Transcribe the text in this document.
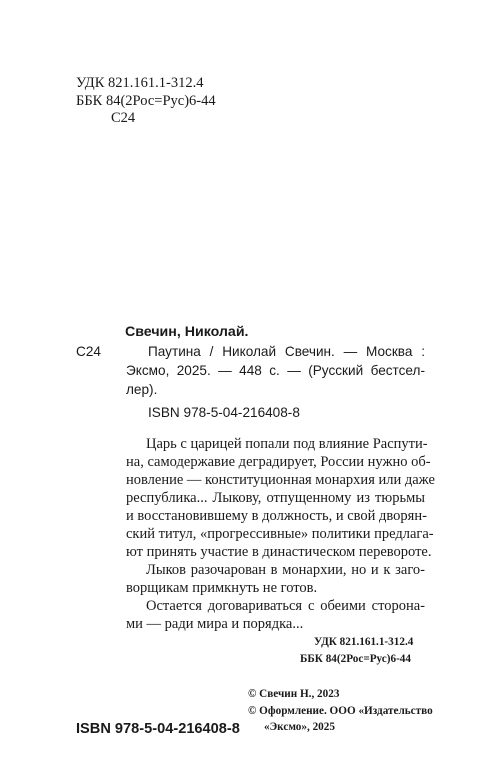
УДК 821.161.1-312.4
ББК 84(2Рос=Рус)6-44
С24
Свечин, Николай.
С24	Паутина / Николай Свечин. — Москва :
Эксмо, 2025. — 448 с. — (Русский бестсел-
лер).
ISBN 978-5-04-216408-8
Царь с царицей попали под влияние Распути-
на, самодержавие деградирует, России нужно об-
новление — конституционная монархия или даже
республика... Лыкову, отпущенному из тюрьмы
и восстановившему в должность, и свой дворян-
ский титул, «прогрессивные» политики предлага-
ют принять участие в династическом перевороте.
Лыков разочарован в монархии, но и к заго-
ворщикам примкнуть не готов.
Остается договариваться с обеими сторона-
ми — ради мира и порядка...
УДК 821.161.1-312.4
ББК 84(2Рос=Рус)6-44
© Свечин Н., 2023
© Оформление. ООО «Издательство
«Эксмо», 2025
ISBN 978-5-04-216408-8
